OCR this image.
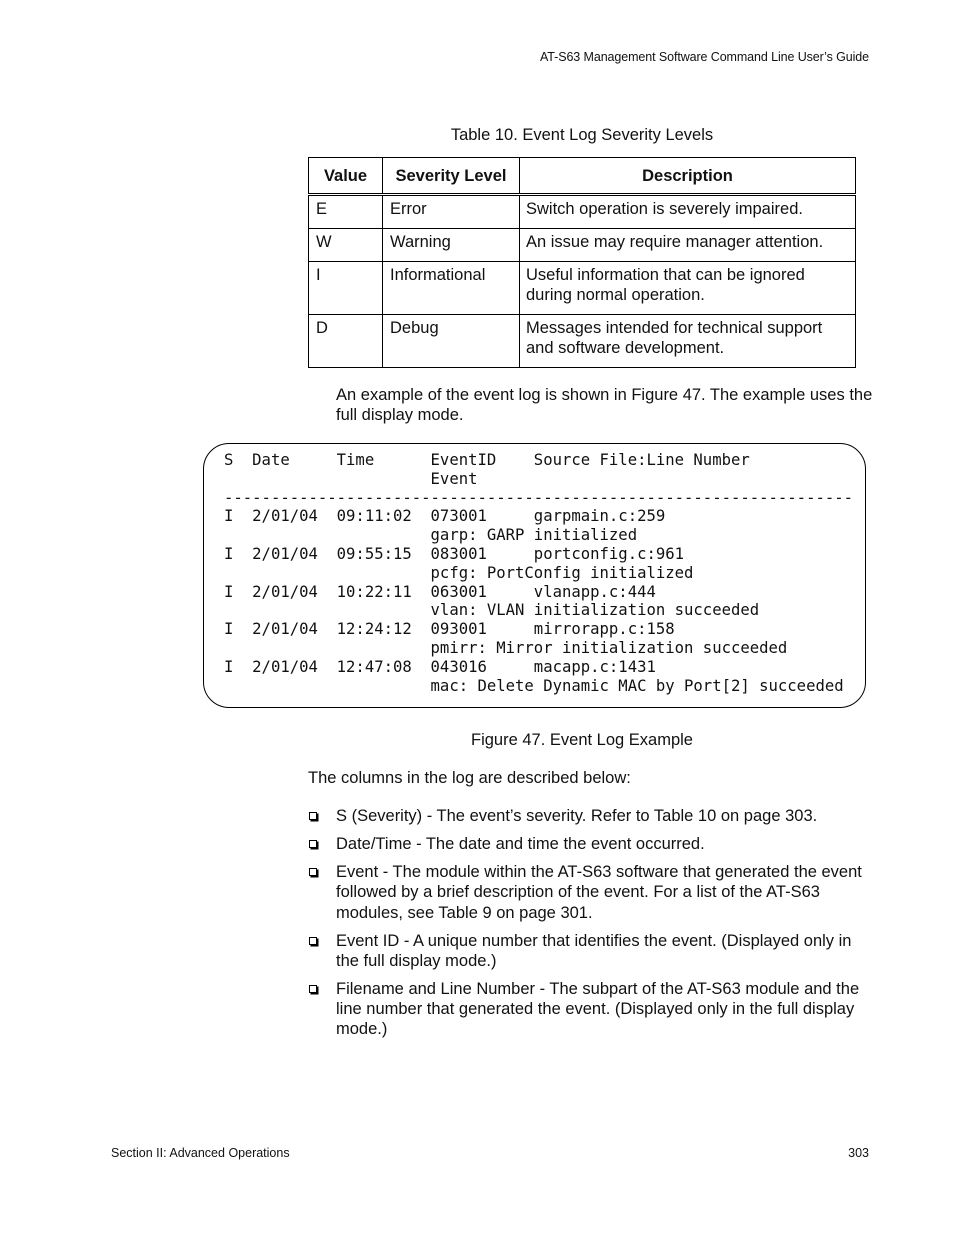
AT-S63 Management Software Command Line User’s Guide
Table 10. Event Log Severity Levels
Value	Severity Level	Description
E	Error	Switch operation is severely impaired.
W	Warning	An issue may require manager attention.
I	Informational	Useful information that can be ignored during normal operation.
D	Debug	Messages intended for technical support and software development.
An example of the event log is shown in Figure 47. The example uses the full display mode.
S  Date     Time      EventID    Source File:Line Number
Event
-------------------------------------------------------------------
I  2/01/04  09:11:02  073001     garpmain.c:259
garp: GARP initialized
I  2/01/04  09:55:15  083001     portconfig.c:961
pcfg: PortConfig initialized
I  2/01/04  10:22:11  063001     vlanapp.c:444
vlan: VLAN initialization succeeded
I  2/01/04  12:24:12  093001     mirrorapp.c:158
pmirr: Mirror initialization succeeded
I  2/01/04  12:47:08  043016     macapp.c:1431
mac: Delete Dynamic MAC by Port[2] succeeded
Figure 47. Event Log Example
The columns in the log are described below:
S (Severity) - The event’s severity. Refer to Table 10 on page 303.
Date/Time - The date and time the event occurred.
Event - The module within the AT-S63 software that generated the event followed by a brief description of the event. For a list of the AT-S63 modules, see Table 9 on page 301.
Event ID - A unique number that identifies the event. (Displayed only in the full display mode.)
Filename and Line Number - The subpart of the AT-S63 module and the line number that generated the event. (Displayed only in the full display mode.)
Section II: Advanced Operations	303
